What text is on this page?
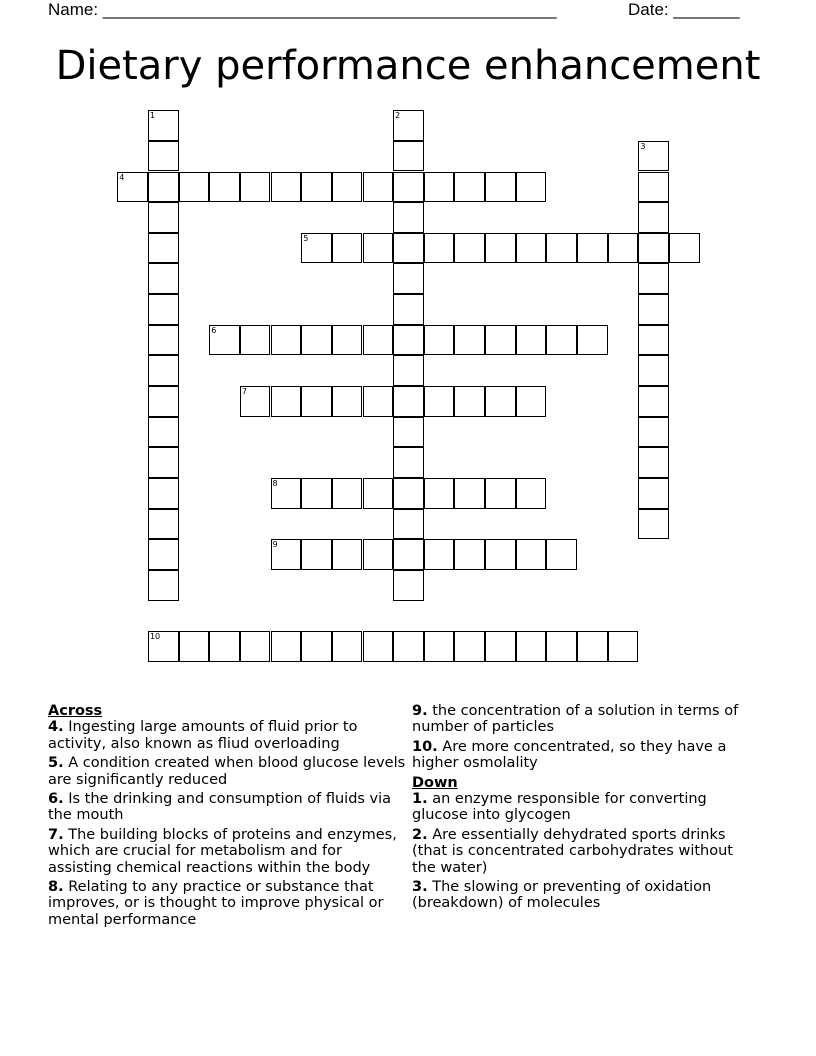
Name: ________________________________________________	Date: _______
Dietary performance enhancement
1	2
3
4
5
6
7
8
9
10
Across
4. Ingesting large amounts of fluid prior to activity, also known as fliud overloading
5. A condition created when blood glucose levels are significantly reduced
6. Is the drinking and consumption of fluids via the mouth
7. The building blocks of proteins and enzymes, which are crucial for metabolism and for assisting chemical reactions within the body
8. Relating to any practice or substance that improves, or is thought to improve physical or mental performance
9. the concentration of a solution in terms of number of particles
10. Are more concentrated, so they have a higher osmolality
Down
1. an enzyme responsible for converting glucose into glycogen
2. Are essentially dehydrated sports drinks (that is concentrated carbohydrates without the water)
3. The slowing or preventing of oxidation (breakdown) of molecules
